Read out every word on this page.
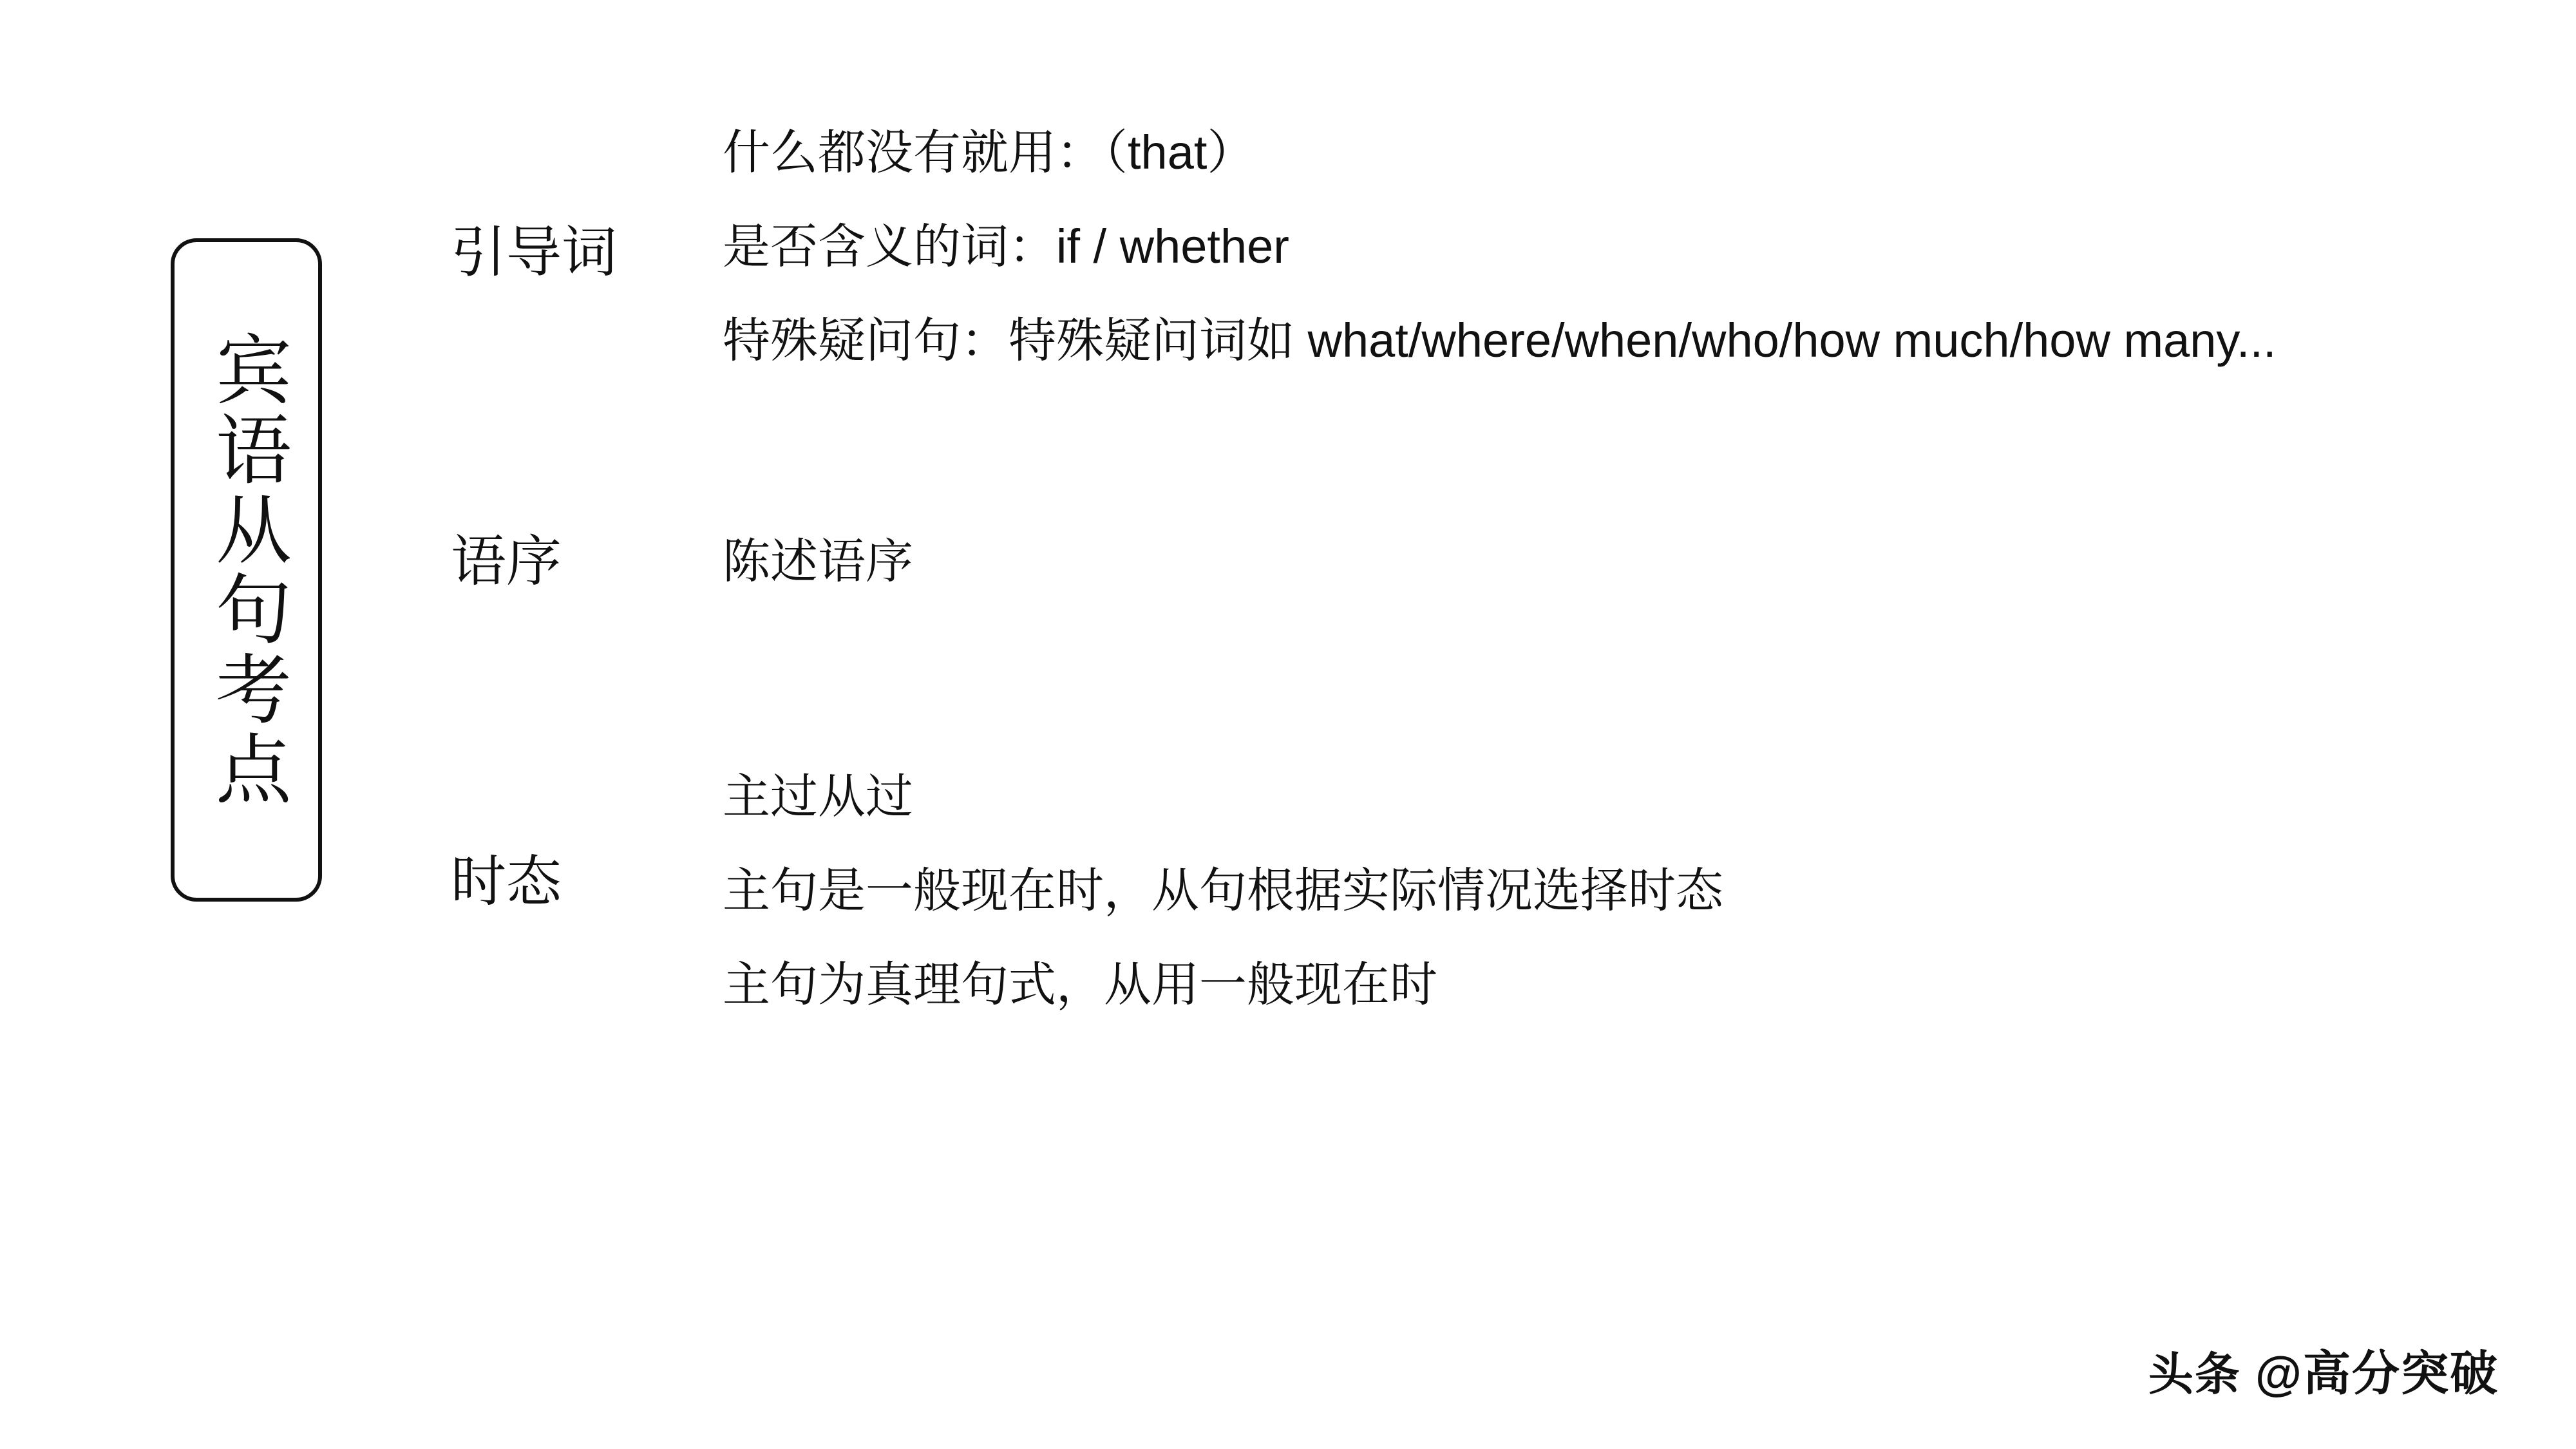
宾语从句考点
引导词
什么都没有就用：（that）
是否含义的词：if / whether
特殊疑问句：特殊疑问词如 what/where/when/who/how much/how many...
语序	陈述语序
时态
主过从过
主句是一般现在时，从句根据实际情况选择时态
主句为真理句式，从用一般现在时
头条 @高分突破
